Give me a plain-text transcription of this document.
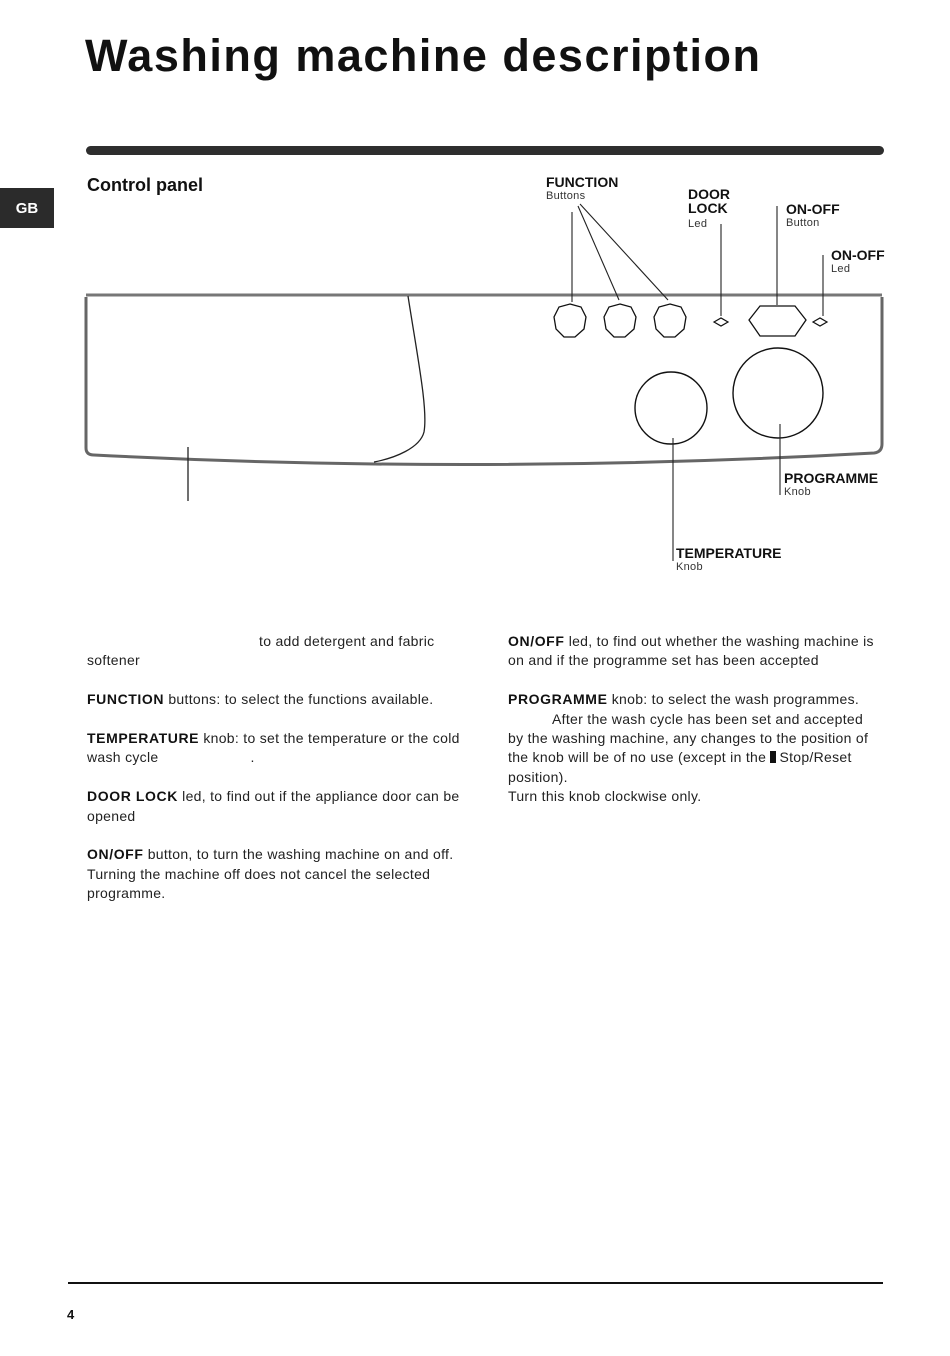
Washing machine description
GB
Control panel	FUNCTION
Buttons	DOOR
LOCK
Led
ON-OFF
Button
ON-OFF
Led
PROGRAMME
Knob
TEMPERATURE
Knob

to add detergent and fabric
softener

FUNCTION buttons: to select the functions available.

TEMPERATURE knob: to set the temperature or the cold wash cycle	.

DOOR LOCK led, to find out if the appliance door can be opened

ON/OFF button, to turn the washing machine on and off.
Turning the machine off does not cancel the selected programme.

ON/OFF led, to find out whether the washing machine is on and if the programme set has been accepted

PROGRAMME knob: to select the wash programmes.
After the wash cycle has been set and accepted by the washing machine, any changes to the position of the knob will be of no use (except in the Stop/Reset position).
Turn this knob clockwise only.

4
